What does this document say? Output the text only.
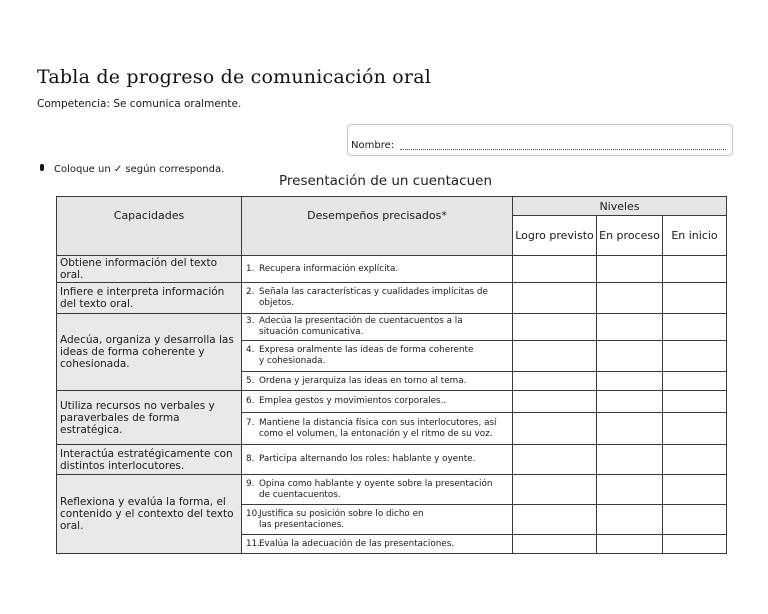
Tabla de progreso de comunicación oral
Competencia: Se comunica oralmente.
Nombre:
Coloque un ✓ según corresponda.
Presentación de un cuentacuen
Capacidades	Desempeños precisados*	Niveles		
		Logro previsto	En proceso	En inicio
Obtiene información del texto oral.	1. Recupera información explícita.			
Infiere e interpreta información del texto oral.	2. Señala las características y cualidades implícitas de
objetos.			

Adecúa, organiza y desarrolla las ideas de forma coherente y cohesionada.	3. Adecúa la presentación de cuentacuentos a la
situación comunicativa.			

	4. Expresa oralmente las ideas de forma coherente
y cohesionada.			

	5. Ordena y jerarquiza las ideas en torno al tema.			
Utiliza recursos no verbales y paraverbales de forma estratégica.	6. Emplea gestos y movimientos corporales..			
	7. Mantiene la distancia física con sus interlocutores, así
como el volumen, la entonación y el ritmo de su voz.			

Interactúa estratégicamente con distintos interlocutores.	8. Participa alternando los roles: hablante y oyente.			
Reflexiona y evalúa la forma, el contenido y el contexto del texto oral.	9. Opina como hablante y oyente sobre la presentación
de cuentacuentos.			

	10.Justifica su posición sobre lo dicho en
las presentaciones.			

	11.Evalúa la adecuación de las presentaciones.			
